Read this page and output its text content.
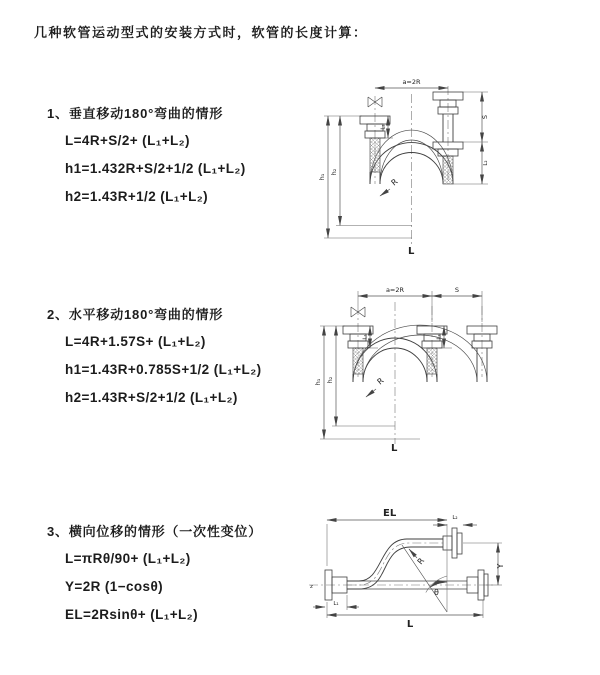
几种软管运动型式的安装方式时，软管的长度计算：
1、垂直移动180°弯曲的情形
L=4R+S/2+ (L₁+L₂)
h1=1.432R+S/2+1/2 (L₁+L₂)
h2=1.43R+1/2 (L₁+L₂)
2、水平移动180°弯曲的情形
L=4R+1.57S+ (L₁+L₂)
h1=1.43R+0.785S+1/2 (L₁+L₂)
h2=1.43R+S/2+1/2 (L₁+L₂)
3、横向位移的情形（一次性变位）
L=πRθ/90+ (L₁+L₂)
Y=2R (1−cosθ)
EL=2Rsinθ+ (L₁+L₂)
a=2R
h₁
h₂
S
L₂
L₁
R
L
a=2R	S
h₁ h₂
L₁	L₂
R
L
z
EL	L₂
Y
L
L₁
θ
R
